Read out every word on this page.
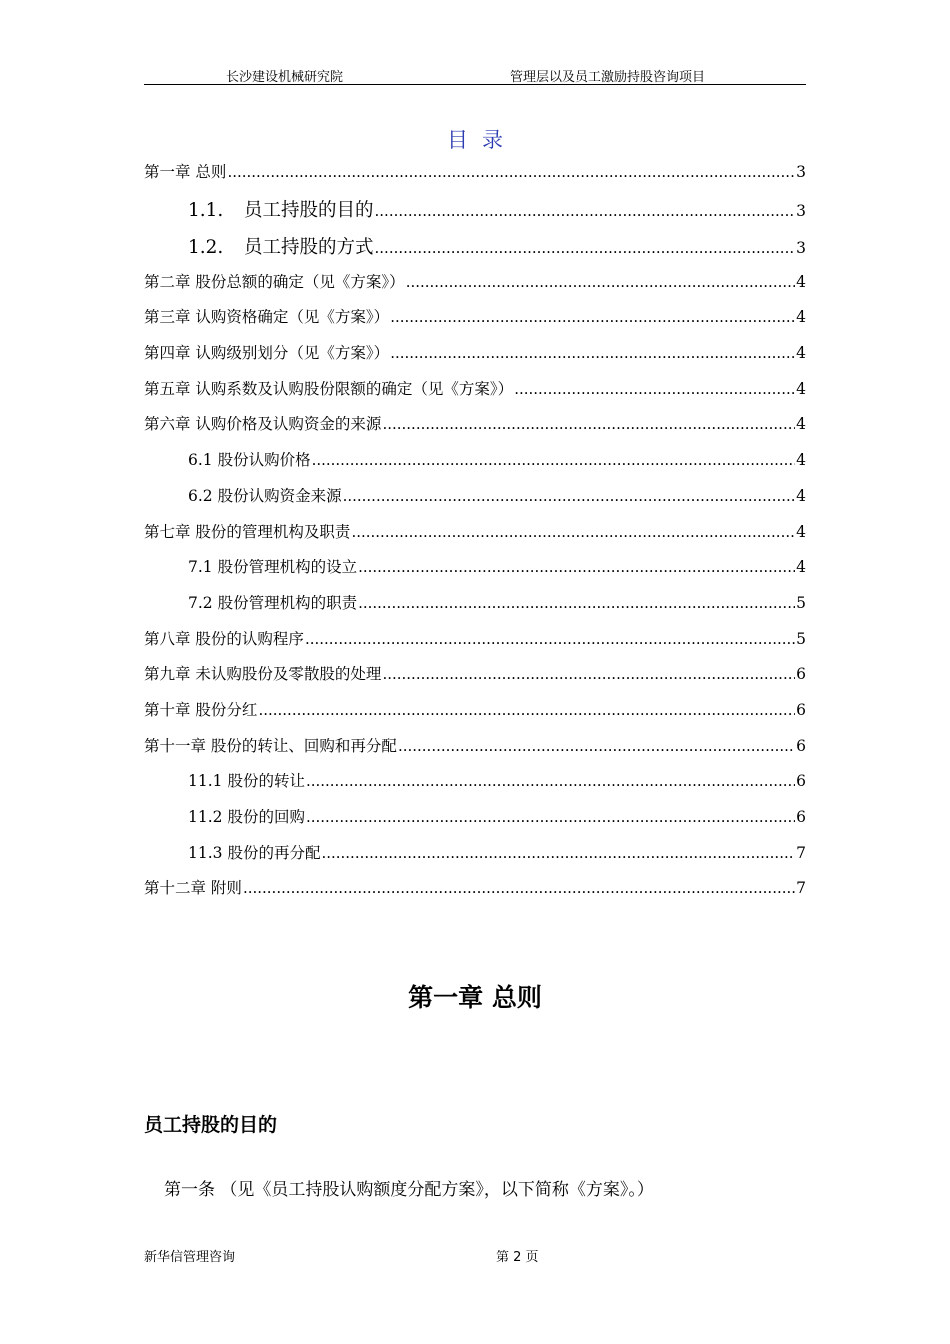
长沙建设机械研究院	管理层以及员工激励持股咨询项目
目录
第一章 总则 .....	3
1.1. 员工持股的目的 .....	3
1.2. 员工持股的方式 .....	3
第二章 股份总额的确定（见《方案》） .....	4
第三章 认购资格确定（见《方案》） .....	4
第四章 认购级别划分（见《方案》） .....	4
第五章 认购系数及认购股份限额的确定（见《方案》） .....	4
第六章 认购价格及认购资金的来源 .....	4
6.1 股份认购价格 .....	4
6.2 股份认购资金来源 .....	4
第七章 股份的管理机构及职责 .....	4
7.1 股份管理机构的设立 .....	4
7.2 股份管理机构的职责 .....	5
第八章 股份的认购程序 .....	5
第九章 未认购股份及零散股的处理 .....	6
第十章 股份分红 .....	6
第十一章 股份的转让、回购和再分配 .....	6
11.1 股份的转让 .....	6
11.2 股份的回购 .....	6
11.3 股份的再分配 .....	7
第十二章 附则 .....	7
第一章 总则
员工持股的目的
第一条 （见《员工持股认购额度分配方案》，以下简称《方案》。）
新华信管理咨询	第 2 页
